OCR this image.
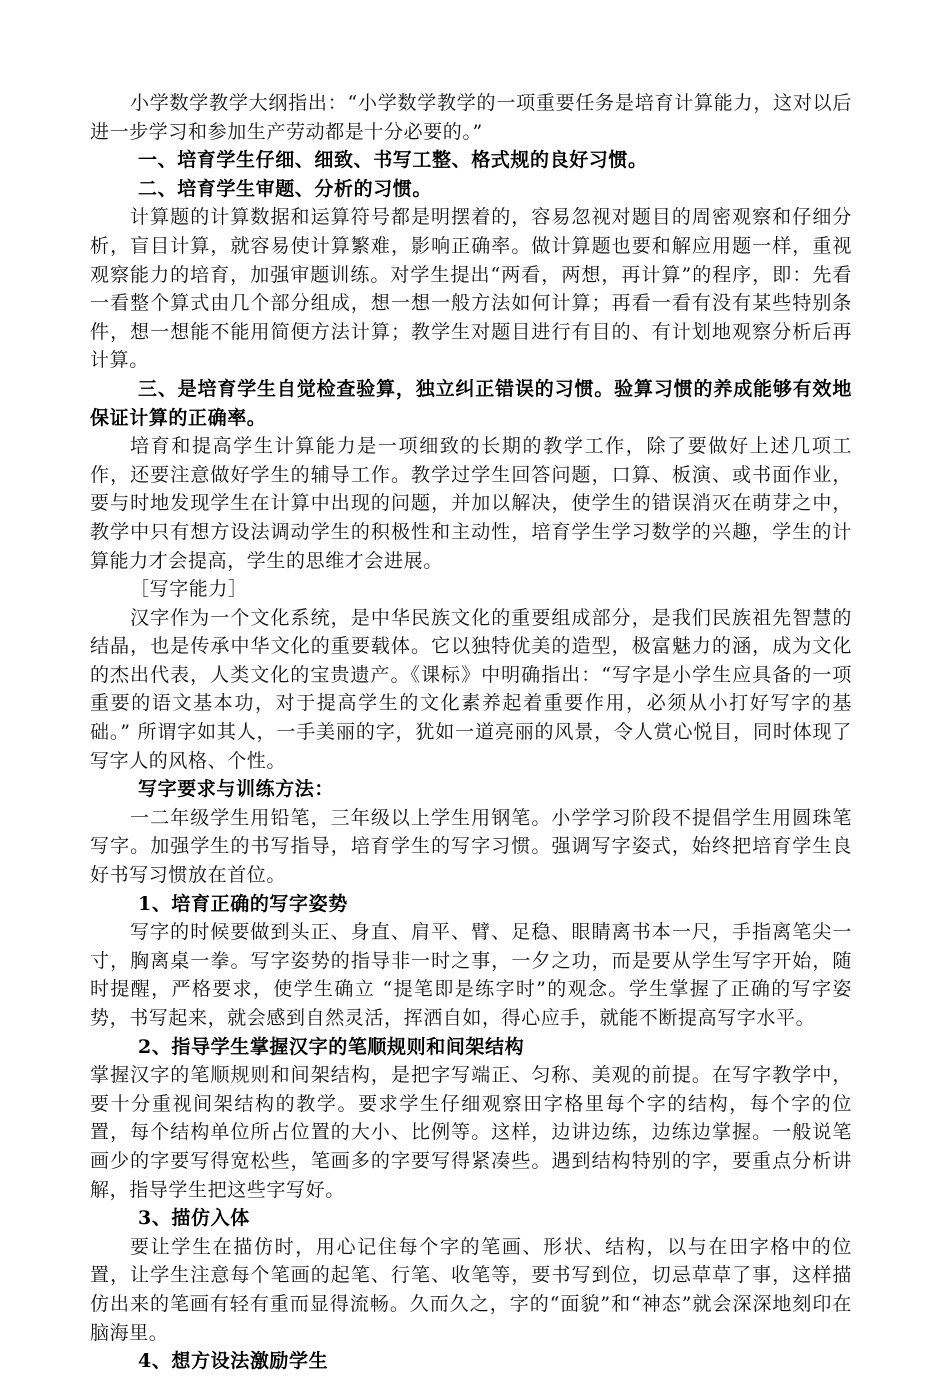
小学数学教学大纲指出：“小学数学教学的一项重要任务是培育计算能力，这对以后进一步学习和参加生产劳动都是十分必要的。”

一、培育学生仔细、细致、书写工整、格式规的良好习惯。

二、培育学生审题、分析的习惯。

计算题的计算数据和运算符号都是明摆着的，容易忽视对题目的周密观察和仔细分析，盲目计算，就容易使计算繁难，影响正确率。做计算题也要和解应用题一样，重视观察能力的培育，加强审题训练。对学生提出“两看，两想，再计算”的程序，即：先看一看整个算式由几个部分组成，想一想一般方法如何计算；再看一看有没有某些特别条件，想一想能不能用简便方法计算；教学生对题目进行有目的、有计划地观察分析后再计算。

三、是培育学生自觉检查验算，独立纠正错误的习惯。验算习惯的养成能够有效地保证计算的正确率。

培育和提高学生计算能力是一项细致的长期的教学工作，除了要做好上述几项工作，还要注意做好学生的辅导工作。教学过学生回答问题，口算、板演、或书面作业，要与时地发现学生在计算中出现的问题，并加以解决，使学生的错误消灭在萌芽之中，教学中只有想方设法调动学生的积极性和主动性，培育学生学习数学的兴趣，学生的计算能力才会提高，学生的思维才会进展。

［写字能力］

汉字作为一个文化系统，是中华民族文化的重要组成部分，是我们民族祖先智慧的结晶，也是传承中华文化的重要载体。它以独特优美的造型，极富魅力的涵，成为文化的杰出代表，人类文化的宝贵遗产。《课标》中明确指出：“写字是小学生应具备的一项重要的语文基本功，对于提高学生的文化素养起着重要作用，必须从小打好写字的基础。” 所谓字如其人，一手美丽的字，犹如一道亮丽的风景，令人赏心悦目，同时体现了写字人的风格、个性。

写字要求与训练方法：

一二年级学生用铅笔，三年级以上学生用钢笔。小学学习阶段不提倡学生用圆珠笔写字。加强学生的书写指导，培育学生的写字习惯。强调写字姿式，始终把培育学生良好书写习惯放在首位。

1、培育正确的写字姿势

写字的时候要做到头正、身直、肩平、臂、足稳、眼睛离书本一尺，手指离笔尖一寸，胸离桌一拳。写字姿势的指导非一时之事，一夕之功，而是要从学生写字开始，随时提醒，严格要求，使学生确立 “提笔即是练字时”的观念。学生掌握了正确的写字姿势，书写起来，就会感到自然灵活，挥洒自如，得心应手，就能不断提高写字水平。

2、指导学生掌握汉字的笔顺规则和间架结构

掌握汉字的笔顺规则和间架结构，是把字写端正、匀称、美观的前提。在写字教学中，要十分重视间架结构的教学。要求学生仔细观察田字格里每个字的结构，每个字的位置，每个结构单位所占位置的大小、比例等。这样，边讲边练，边练边掌握。一般说笔画少的字要写得宽松些，笔画多的字要写得紧凑些。遇到结构特别的字，要重点分析讲解，指导学生把这些字写好。

3、描仿入体

要让学生在描仿时，用心记住每个字的笔画、形状、结构，以与在田字格中的位置，让学生注意每个笔画的起笔、行笔、收笔等，要书写到位，切忌草草了事，这样描仿出来的笔画有轻有重而显得流畅。久而久之，字的“面貌”和“神态”就会深深地刻印在脑海里。

4、想方设法激励学生
